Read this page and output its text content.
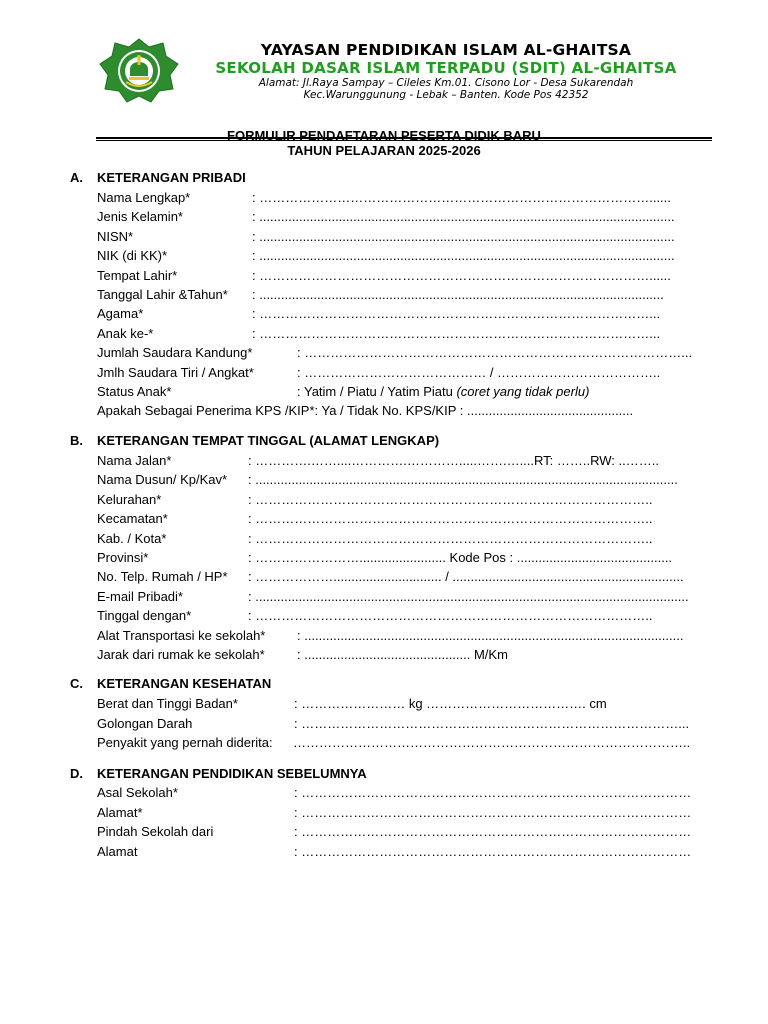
YAYASAN PENDIDIKAN ISLAM AL-GHAITSA
SEKOLAH DASAR ISLAM TERPADU (SDIT) AL-GHAITSA
Alamat: Jl.Raya Sampay – Cileles Km.01. Cisono Lor - Desa Sukarendah
Kec.Warunggunung - Lebak – Banten. Kode Pos 42352
FORMULIR PENDAFTARAN PESERTA DIDIK BARU
TAHUN PELAJARAN 2025-2026
A. KETERANGAN PRIBADI
Nama Lengkap*	: ………………………………………………………………………………......
Jenis Kelamin*	: ...................................................................................................................
NISN*	: ...................................................................................................................
NIK (di KK)*	: ...................................................................................................................
Tempat Lahir*	: ………………………………………………………………………………......
Tanggal Lahir &Tahun* : ................................................................................................................
Agama*	: ………………………………………………………………………………...
Anak ke-*	: ………………………………………………………………………………...
Jumlah Saudara Kandung*	: ……………………………………………………………………………...
Jmlh Saudara Tiri / Angkat*	: …………………………………… / ………………………………..
Status Anak*	: Yatim / Piatu / Yatim Piatu (coret yang tidak perlu)
Apakah Sebagai Penerima KPS /KIP*: Ya / Tidak No. KPS/KIP : ..............................................
B. KETERANGAN TEMPAT TINGGAL (ALAMAT LENGKAP)
Nama Jalan*	: ………….……....………….………….....…….…....RT: ……..RW: ..……..
Nama Dusun/ Kp/Kav* : .....................................................................................................................
Kelurahan*	: ………………………………………………………………………………..
Kecamatan*	: ………………………………………………………………………………..
Kab. / Kota*	: ………………………………………………………………………………..
Provinsi*	: ……………………........................ Kode Pos : ...........................................
No. Telp. Rumah / HP* : ……………….............................. / ................................................................
E-mail Pribadi*	: ........................................................................................................................
Tinggal dengan*	: ………………………………………………………………………………..
Alat Transportasi ke sekolah* : .........................................................................................................
Jarak dari rumak ke sekolah* : .............................................. M/Km
C. KETERANGAN KESEHATAN
Berat dan Tinggi Badan*	: …………………… kg ………………………………. cm
Golongan Darah	: ……………………………………………………………………………...
Penyakit yang pernah diderita: ………………………………………………………………………………..
D. KETERANGAN PENDIDIKAN SEBELUMNYA
Asal Sekolah*	: ………………………………………………………………………………
Alamat*	: ………………………………………………………………………………
Pindah Sekolah dari	: ………………………………………………………………………………
Alamat	: ………………………………………………………………………………
